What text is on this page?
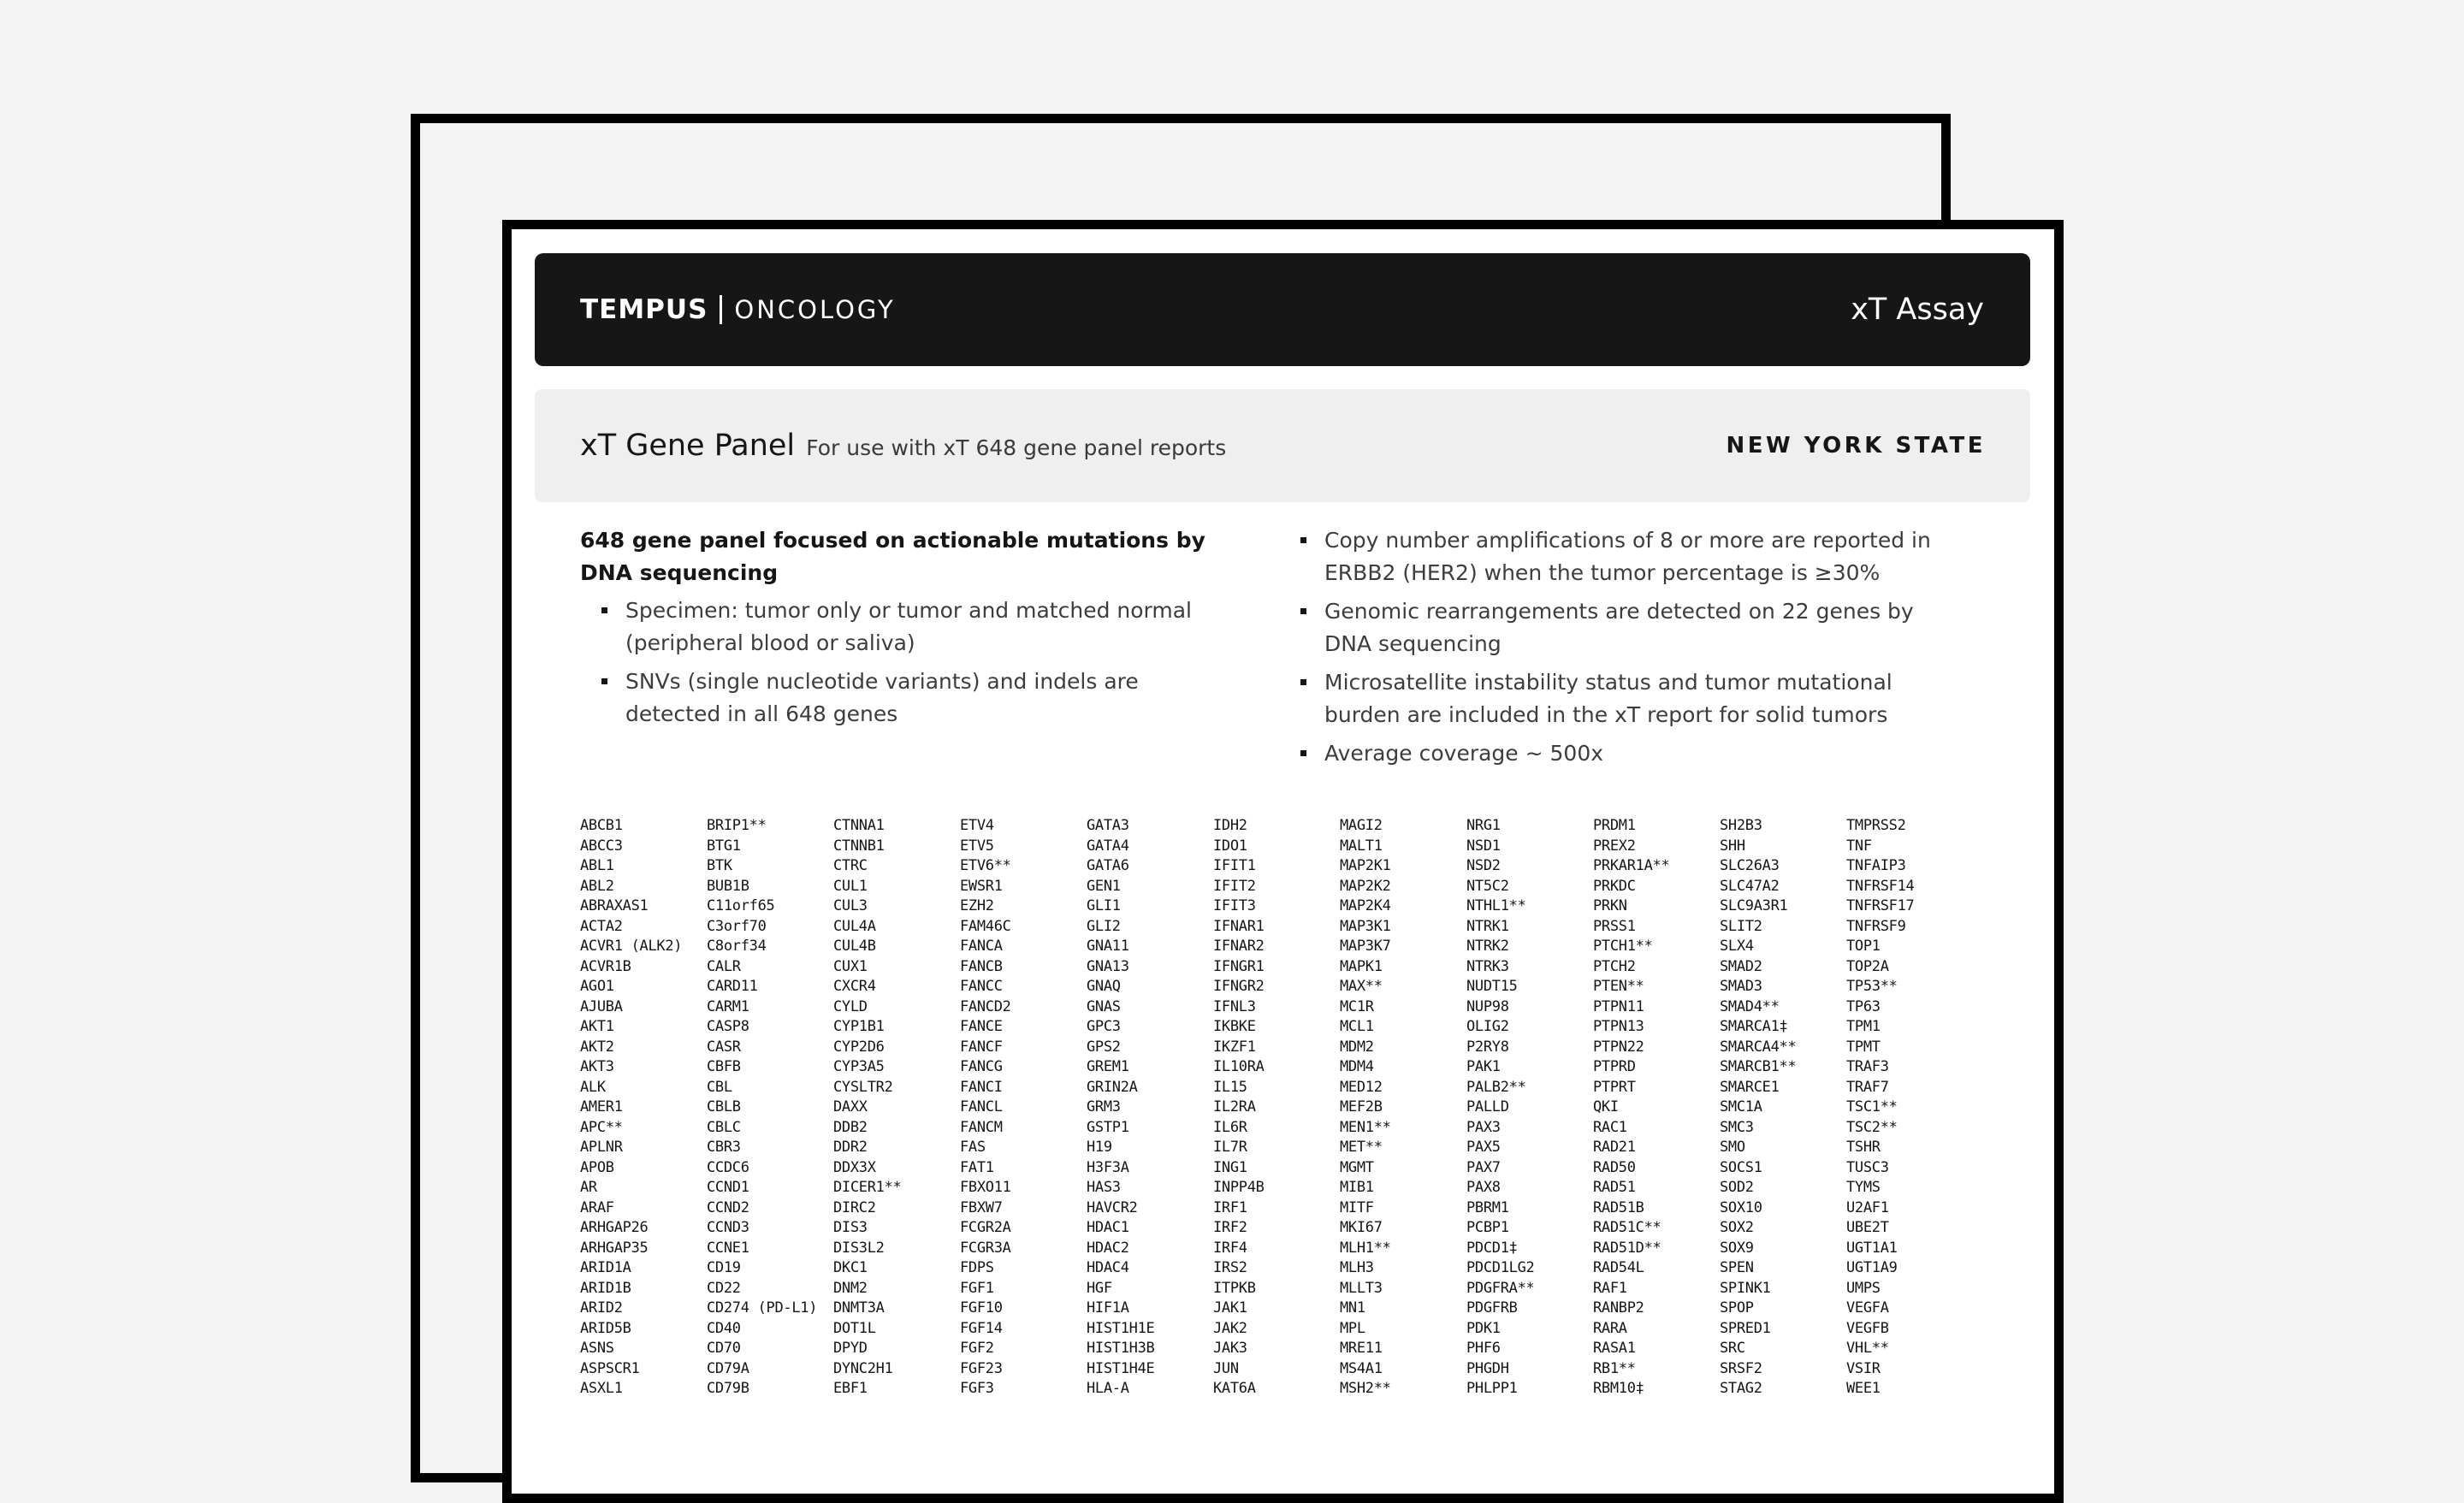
TEMPUS ONCOLOGY	xT Assay
xT Gene Panel For use with xT 648 gene panel reports	NEW YORK STATE

648 gene panel focused on actionable mutations by DNA sequencing

Specimen: tumor only or tumor and matched normal (peripheral blood or saliva)
SNVs (single nucleotide variants) and indels are detected in all 648 genes
Copy number amplifications of 8 or more are reported in ERBB2 (HER2) when the tumor percentage is ≥30%
Genomic rearrangements are detected on 22 genes by DNA sequencing
Microsatellite instability status and tumor mutational burden are included in the xT report for solid tumors
Average coverage ~ 500x
ABCB1
ABCC3
ABL1
ABL2
ABRAXAS1
ACTA2
ACVR1 (ALK2)
ACVR1B
AGO1
AJUBA
AKT1
AKT2
AKT3
ALK
AMER1
APC**
APLNR
APOB
AR
ARAF
ARHGAP26
ARHGAP35
ARID1A
ARID1B
ARID2
ARID5B
ASNS
ASPSCR1
ASXL1
BRIP1**
BTG1
BTK
BUB1B
C11orf65
C3orf70
C8orf34
CALR
CARD11
CARM1
CASP8
CASR
CBFB
CBL
CBLB
CBLC
CBR3
CCDC6
CCND1
CCND2
CCND3
CCNE1
CD19
CD22
CD274 (PD-L1)
CD40
CD70
CD79A
CD79B
CTNNA1
CTNNB1
CTRC
CUL1
CUL3
CUL4A
CUL4B
CUX1
CXCR4
CYLD
CYP1B1
CYP2D6
CYP3A5
CYSLTR2
DAXX
DDB2
DDR2
DDX3X
DICER1**
DIRC2
DIS3
DIS3L2
DKC1
DNM2
DNMT3A
DOT1L
DPYD
DYNC2H1
EBF1
ETV4
ETV5
ETV6**
EWSR1
EZH2
FAM46C
FANCA
FANCB
FANCC
FANCD2
FANCE
FANCF
FANCG
FANCI
FANCL
FANCM
FAS
FAT1
FBXO11
FBXW7
FCGR2A
FCGR3A
FDPS
FGF1
FGF10
FGF14
FGF2
FGF23
FGF3
GATA3
GATA4
GATA6
GEN1
GLI1
GLI2
GNA11
GNA13
GNAQ
GNAS
GPC3
GPS2
GREM1
GRIN2A
GRM3
GSTP1
H19
H3F3A
HAS3
HAVCR2
HDAC1
HDAC2
HDAC4
HGF
HIF1A
HIST1H1E
HIST1H3B
HIST1H4E
HLA-A
IDH2
IDO1
IFIT1
IFIT2
IFIT3
IFNAR1
IFNAR2
IFNGR1
IFNGR2
IFNL3
IKBKE
IKZF1
IL10RA
IL15
IL2RA
IL6R
IL7R
ING1
INPP4B
IRF1
IRF2
IRF4
IRS2
ITPKB
JAK1
JAK2
JAK3
JUN
KAT6A
MAGI2
MALT1
MAP2K1
MAP2K2
MAP2K4
MAP3K1
MAP3K7
MAPK1
MAX**
MC1R
MCL1
MDM2
MDM4
MED12
MEF2B
MEN1**
MET**
MGMT
MIB1
MITF
MKI67
MLH1**
MLH3
MLLT3
MN1
MPL
MRE11
MS4A1
MSH2**
NRG1
NSD1
NSD2
NT5C2
NTHL1**
NTRK1
NTRK2
NTRK3
NUDT15
NUP98
OLIG2
P2RY8
PAK1
PALB2**
PALLD
PAX3
PAX5
PAX7
PAX8
PBRM1
PCBP1
PDCD1‡
PDCD1LG2
PDGFRA**
PDGFRB
PDK1
PHF6
PHGDH
PHLPP1
PRDM1
PREX2
PRKAR1A**
PRKDC
PRKN
PRSS1
PTCH1**
PTCH2
PTEN**
PTPN11
PTPN13
PTPN22
PTPRD
PTPRT
QKI
RAC1
RAD21
RAD50
RAD51
RAD51B
RAD51C**
RAD51D**
RAD54L
RAF1
RANBP2
RARA
RASA1
RB1**
RBM10‡
SH2B3
SHH
SLC26A3
SLC47A2
SLC9A3R1
SLIT2
SLX4
SMAD2
SMAD3
SMAD4**
SMARCA1‡
SMARCA4**
SMARCB1**
SMARCE1
SMC1A
SMC3
SMO
SOCS1
SOD2
SOX10
SOX2
SOX9
SPEN
SPINK1
SPOP
SPRED1
SRC
SRSF2
STAG2
TMPRSS2
TNF
TNFAIP3
TNFRSF14
TNFRSF17
TNFRSF9
TOP1
TOP2A
TP53**
TP63
TPM1
TPMT
TRAF3
TRAF7
TSC1**
TSC2**
TSHR
TUSC3
TYMS
U2AF1
UBE2T
UGT1A1
UGT1A9
UMPS
VEGFA
VEGFB
VHL**
VSIR
WEE1
